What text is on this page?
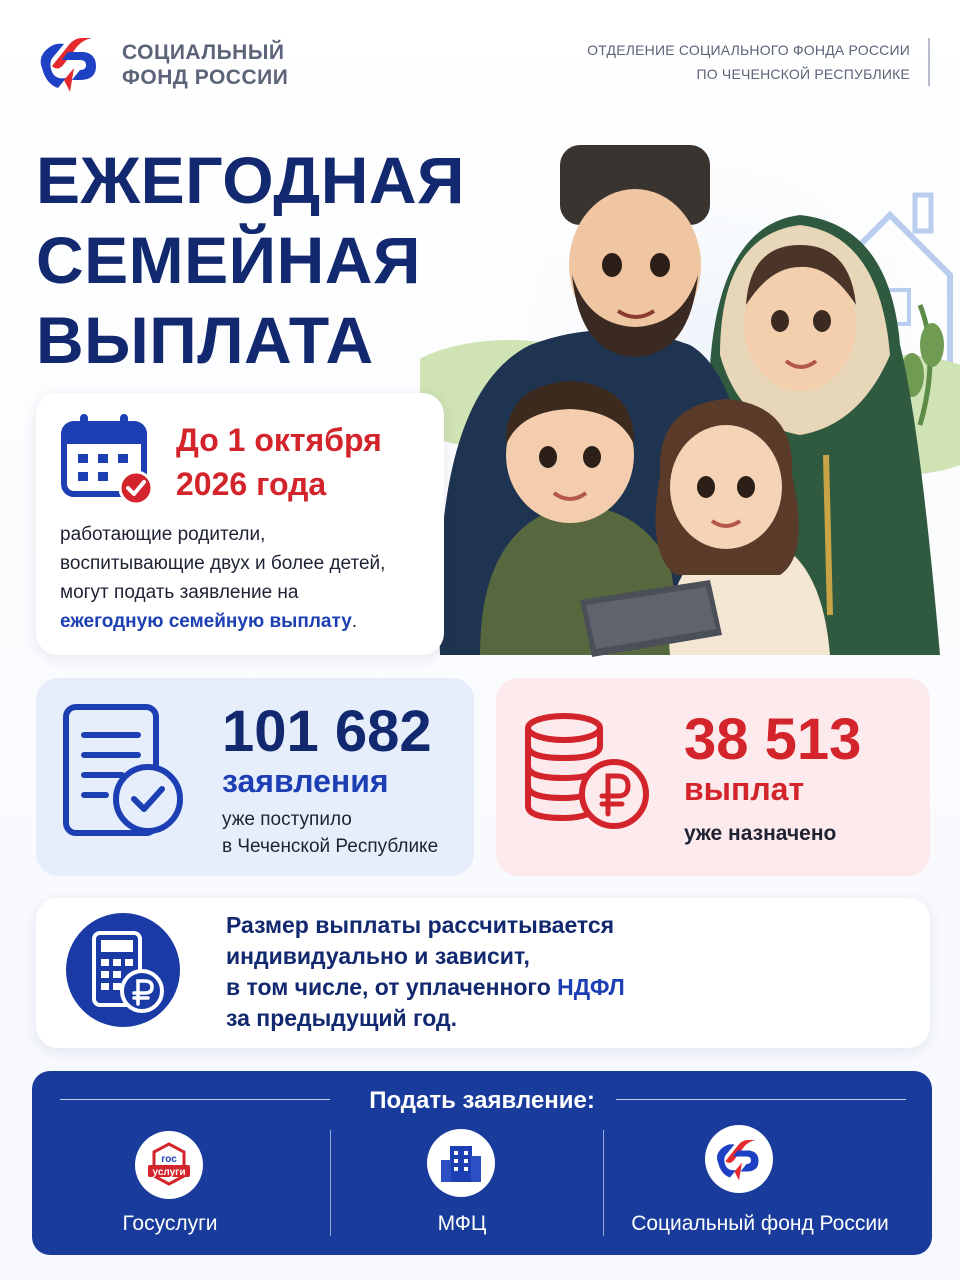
СОЦИАЛЬНЫЙ
ФОНД РОССИИ
ОТДЕЛЕНИЕ СОЦИАЛЬНОГО ФОНДА РОССИИ
ПО ЧЕЧЕНСКОЙ РЕСПУБЛИКЕ
ЕЖЕГОДНАЯ
СЕМЕЙНАЯ
ВЫПЛАТА
До 1 октября
2026 года
работающие родители,
воспитывающие двух и более детей,
могут подать заявление на
ежегодную семейную выплату.
101 682
заявления
уже поступило
в Чеченской Республике
38 513
выплат
уже назначено
Размер выплаты рассчитывается
индивидуально и зависит,
в том числе, от уплаченного НДФЛ
за предыдущий год.
Подать заявление:
гос
услуги
Госуслуги	МФЦ	Социальный фонд России
